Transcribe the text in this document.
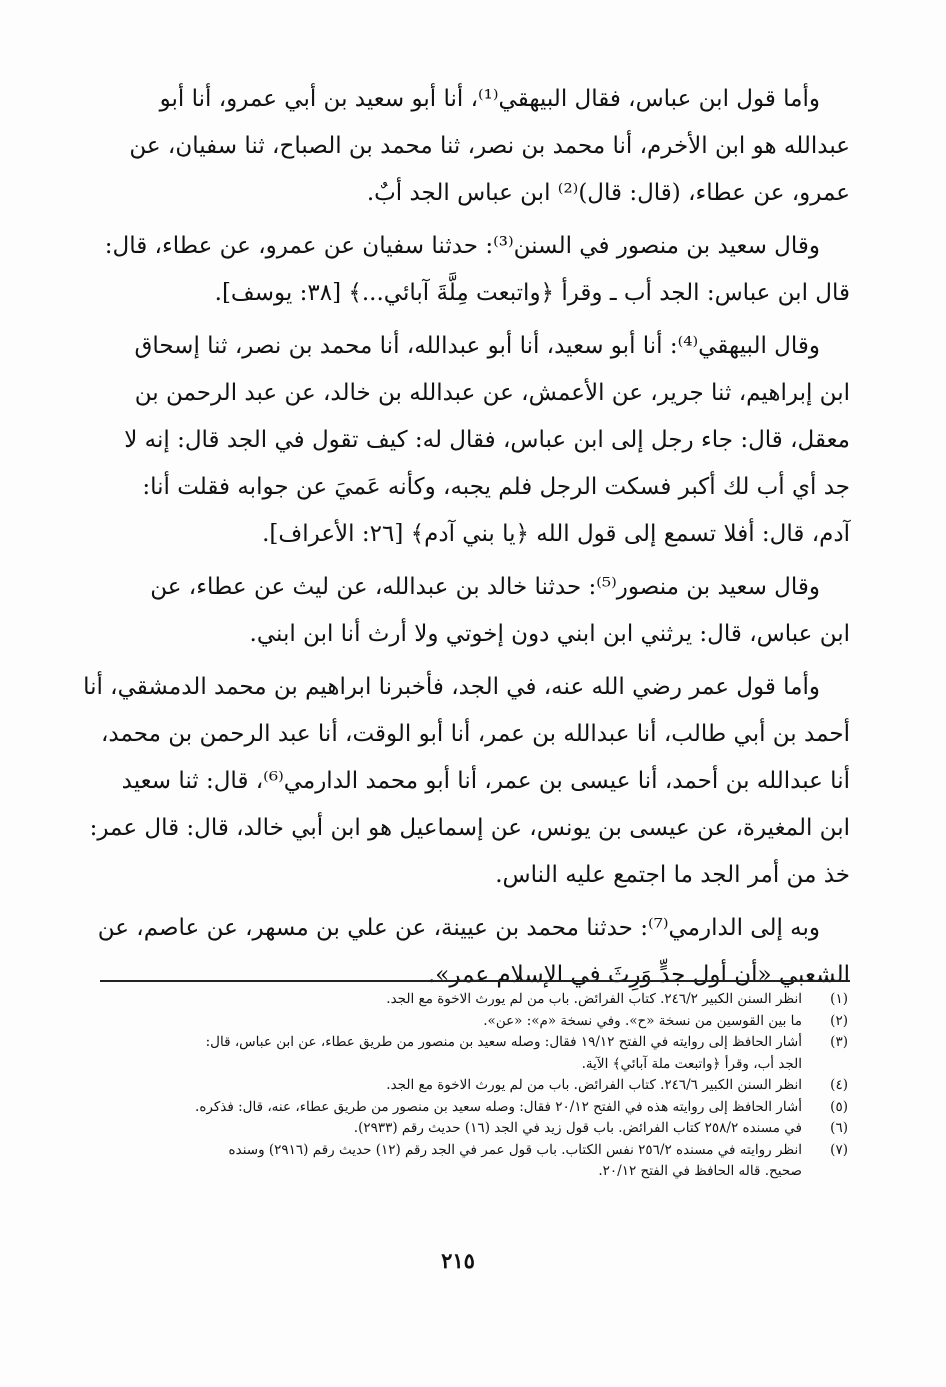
وأما قول ابن عباس، فقال البيهقي⁽¹⁾، أنا أبو سعيد بن أبي عمرو، أنا أبو
عبدالله هو ابن الأخرم، أنا محمد بن نصر، ثنا محمد بن الصباح، ثنا سفيان، عن
عمرو، عن عطاء، (قال: قال)⁽²⁾ ابن عباس الجد أبٌ.

وقال سعيد بن منصور في السنن⁽³⁾: حدثنا سفيان عن عمرو، عن عطاء، قال:
قال ابن عباس: الجد أب ـ وقرأ ﴿واتبعت مِلَّةَ آبائي...﴾ [٣٨: يوسف].

وقال البيهقي⁽⁴⁾: أنا أبو سعيد، أنا أبو عبدالله، أنا محمد بن نصر، ثنا إسحاق
ابن إبراهيم، ثنا جرير، عن الأعمش، عن عبدالله بن خالد، عن عبد الرحمن بن
معقل، قال: جاء رجل إلى ابن عباس، فقال له: كيف تقول في الجد قال: إنه لا
جد أي أب لك أكبر فسكت الرجل فلم يجبه، وكأنه عَميَ عن جوابه فقلت أنا:
آدم، قال: أفلا تسمع إلى قول الله ﴿يا بني آدم﴾ [٢٦: الأعراف].

وقال سعيد بن منصور⁽⁵⁾: حدثنا خالد بن عبدالله، عن ليث عن عطاء، عن
ابن عباس، قال: يرثني ابن ابني دون إخوتي ولا أرث أنا ابن ابني.

وأما قول عمر رضي الله عنه، في الجد، فأخبرنا ابراهيم بن محمد الدمشقي، أنا
أحمد بن أبي طالب، أنا عبدالله بن عمر، أنا أبو الوقت، أنا عبد الرحمن بن محمد،
أنا عبدالله بن أحمد، أنا عيسى بن عمر، أنا أبو محمد الدارمي⁽⁶⁾، قال: ثنا سعيد
ابن المغيرة، عن عيسى بن يونس، عن إسماعيل هو ابن أبي خالد، قال: قال عمر:
خذ من أمر الجد ما اجتمع عليه الناس.

وبه إلى الدارمي⁽⁷⁾: حدثنا محمد بن عيينة، عن علي بن مسهر، عن عاصم، عن
الشعبي «أن أول جدٍّ وَرِثَ في الإسلام عمر».

(١)
انظر السنن الكبير ٢٤٦/٢. كتاب الفرائض. باب من لم يورث الاخوة مع الجد.
(٢)
ما بين القوسين من نسخة «ح». وفي نسخة «م»: «عن».
(٣)
أشار الحافظ إلى روايته في الفتح ١٩/١٢ فقال: وصله سعيد بن منصور من طريق عطاء، عن ابن عباس، قال:
الجد أب، وقرأ ﴿واتبعت ملة آبائي﴾ الآية.
(٤)
انظر السنن الكبير ٢٤٦/٦. كتاب الفرائض. باب من لم يورث الاخوة مع الجد.
(٥)
أشار الحافظ إلى روايته هذه في الفتح ٢٠/١٢ فقال: وصله سعيد بن منصور من طريق عطاء، عنه، قال: فذكره.
(٦)
في مسنده ٢٥٨/٢ كتاب الفرائض. باب قول زيد في الجد (١٦) حديث رقم (٢٩٣٣).
(٧)
انظر روايته في مسنده ٢٥٦/٢ نفس الكتاب. باب قول عمر في الجد رقم (١٢) حديث رقم (٢٩١٦) وسنده
صحيح. قاله الحافظ في الفتح ٢٠/١٢.
٢١٥
